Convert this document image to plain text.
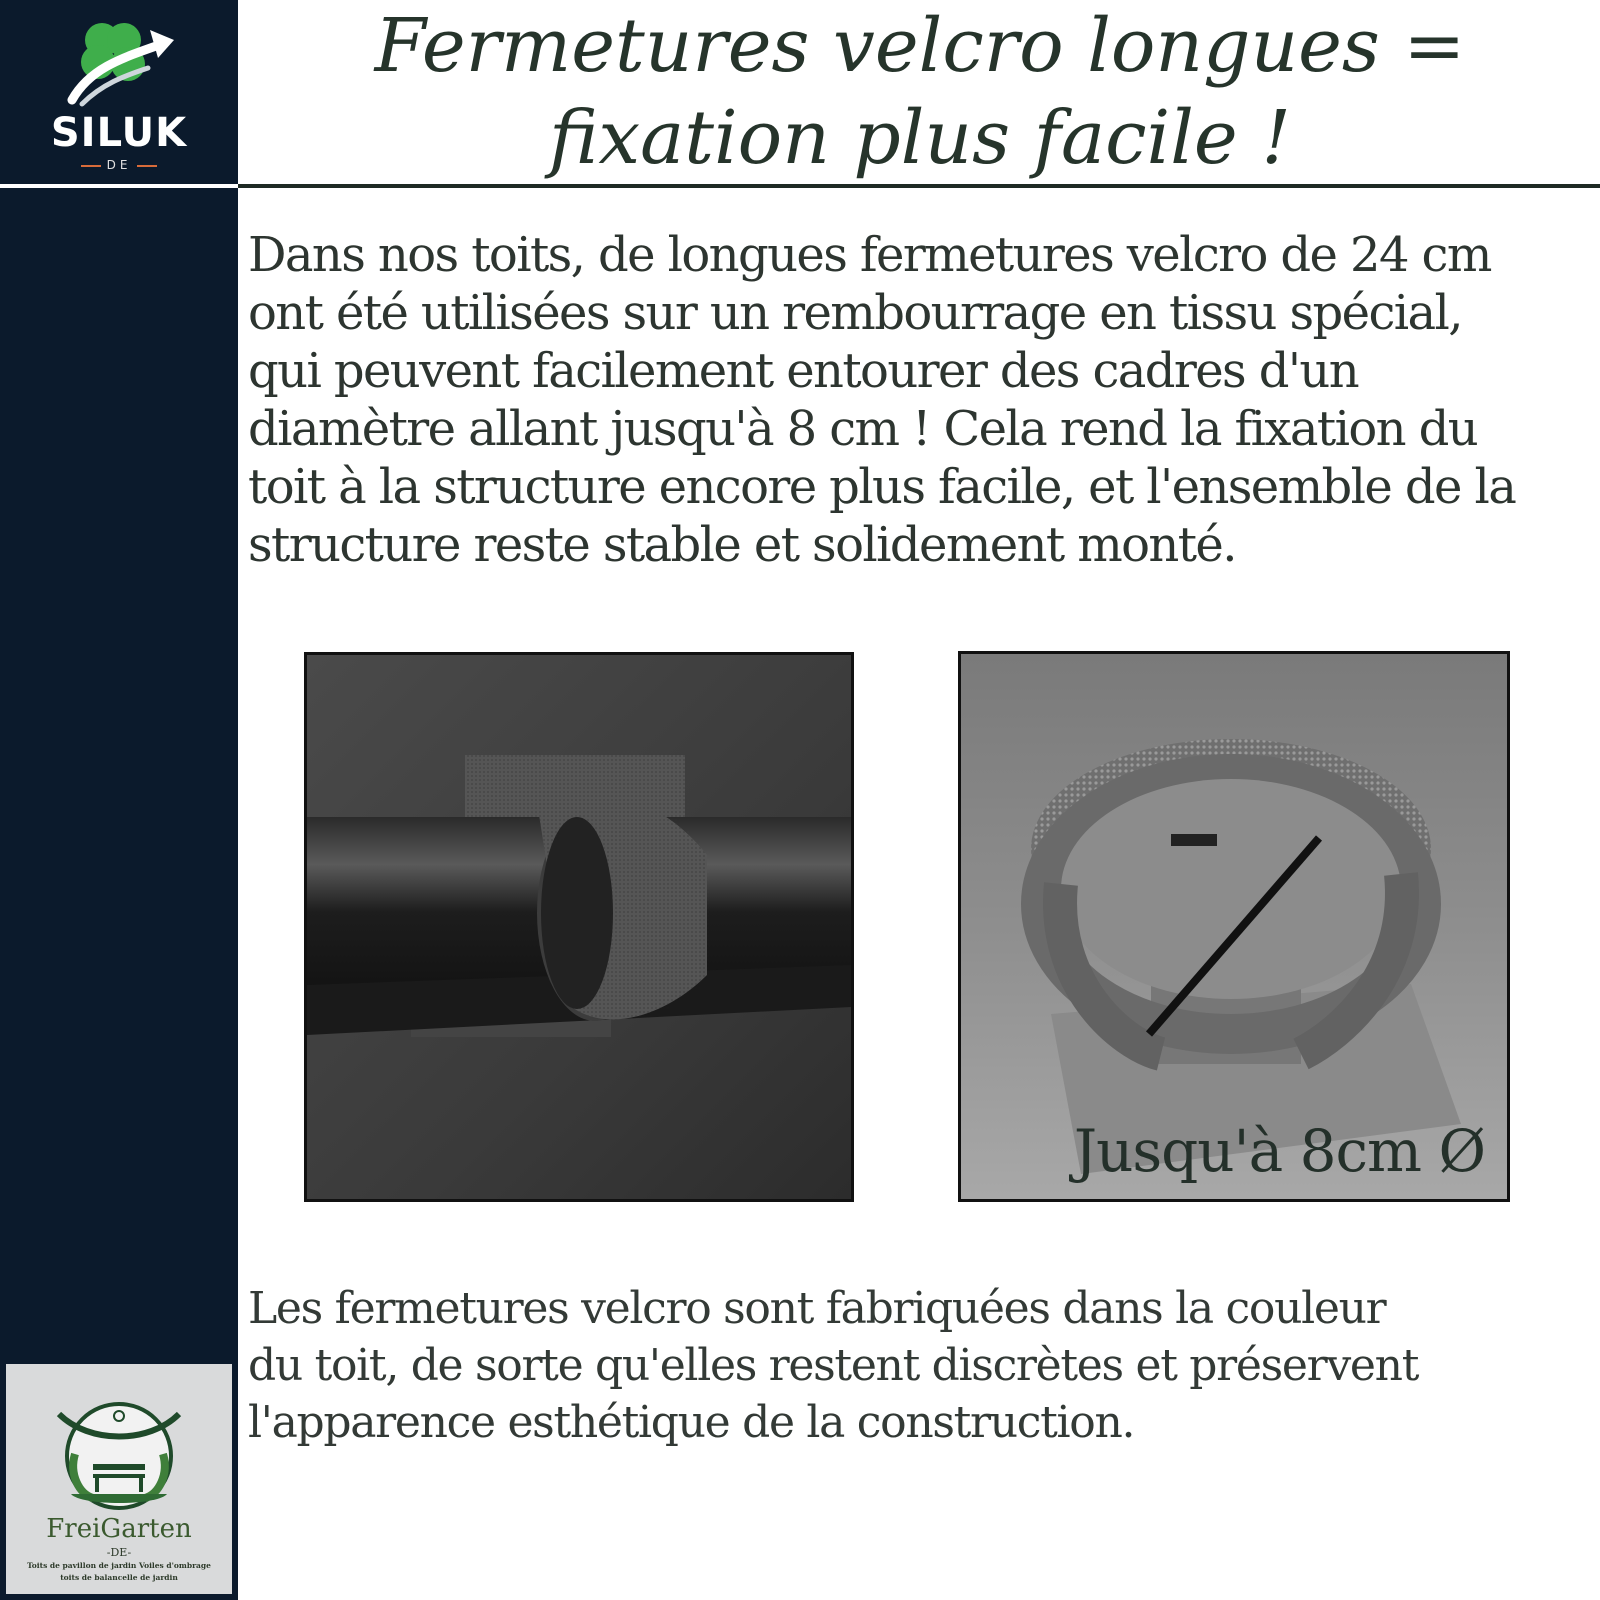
SILUK
DE
Fermetures velcro longues =
fixation plus facile !
Dans nos toits, de longues fermetures velcro de 24 cm
ont été utilisées sur un rembourrage en tissu spécial,
qui peuvent facilement entourer des cadres d'un
diamètre allant jusqu'à 8 cm ! Cela rend la fixation du
toit à la structure encore plus facile, et l'ensemble de la
structure reste stable et solidement monté.
Jusqu'à 8cm Ø
Les fermetures velcro sont fabriquées dans la couleur
du toit, de sorte qu'elles restent discrètes et préservent
l'apparence esthétique de la construction.
FreiGarten
-DE-
Toits de pavillon de jardin Voiles d'ombrage
toits de balancelle de jardin
